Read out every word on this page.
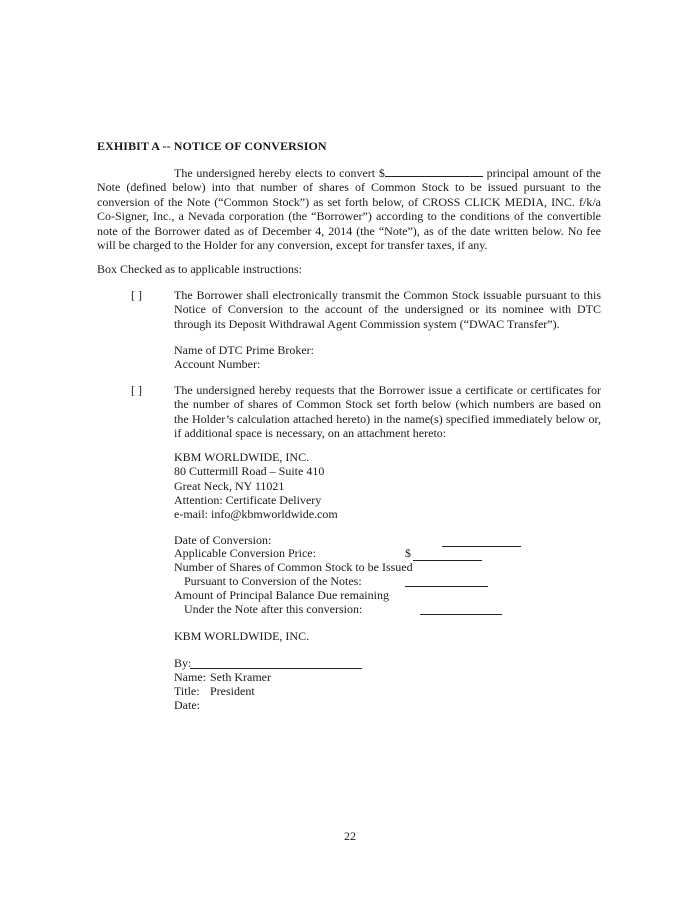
EXHIBIT A -- NOTICE OF CONVERSION
The undersigned hereby elects to convert $	principal amount of the Note (defined below) into that number of shares of Common Stock to be issued pursuant to the conversion of the Note (“Common Stock”) as set forth below, of CROSS CLICK MEDIA, INC. f/k/a Co-Signer, Inc., a Nevada corporation (the “Borrower”) according to the conditions of the convertible note of the Borrower dated as of December 4, 2014 (the “Note”), as of the date written below. No fee will be charged to the Holder for any conversion, except for transfer taxes, if any.
Box Checked as to applicable instructions:
[ ]	The Borrower shall electronically transmit the Common Stock issuable pursuant to this Notice of Conversion to the account of the undersigned or its nominee with DTC through its Deposit Withdrawal Agent Commission system (“DWAC Transfer”).
Name of DTC Prime Broker:
Account Number:
[ ]	The undersigned hereby requests that the Borrower issue a certificate or certificates for the number of shares of Common Stock set forth below (which numbers are based on the Holder’s calculation attached hereto) in the name(s) specified immediately below or, if additional space is necessary, on an attachment hereto:
KBM WORLDWIDE, INC.
80 Cuttermill Road – Suite 410
Great Neck, NY 11021
Attention: Certificate Delivery
e-mail: info@kbmworldwide.com
Date of Conversion:
Applicable Conversion Price:	$
Number of Shares of Common Stock to be Issued
Pursuant to Conversion of the Notes:
Amount of Principal Balance Due remaining
Under the Note after this conversion:
KBM WORLDWIDE, INC.
By:
Name: Seth Kramer
Title: President
Date:
22
